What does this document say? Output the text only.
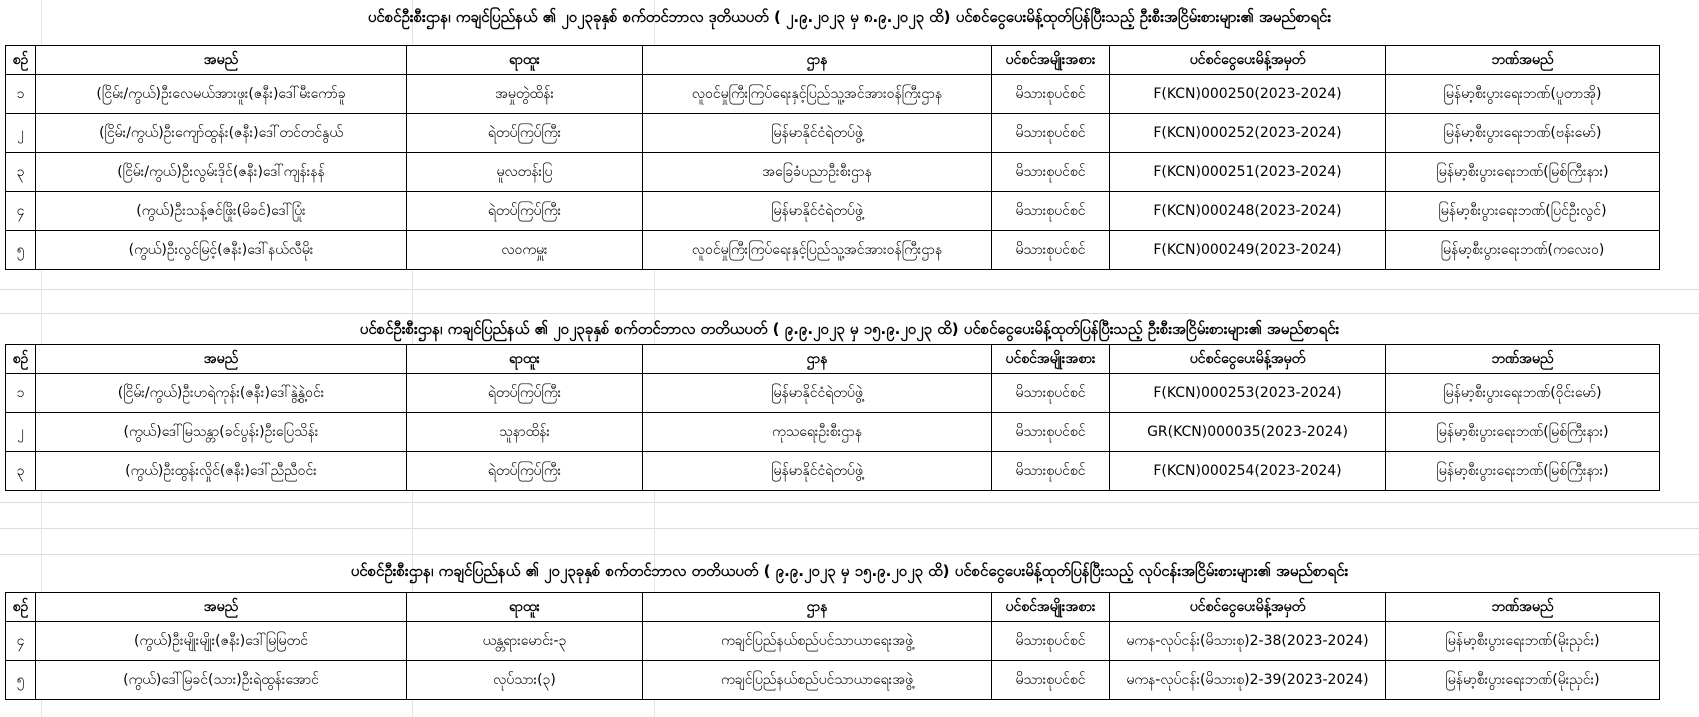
ပင်စင်ဦးစီးဌာန၊ ကချင်ပြည်နယ် ၏ ၂၀၂၃ခုနှစ် စက်တင်ဘာလ ဒုတိယပတ် ( ၂.၉.၂၀၂၃ မှ ၈.၉.၂၀၂၃ ထိ) ပင်စင်ငွေပေးမိန့်ထုတ်ပြန်ပြီးသည့် ဦးစီးအငြိမ်းစားများ၏ အမည်စာရင်း
စဉ်	အမည်	ရာထူး	ဌာန	ပင်စင်အမျိုးအစား	ပင်စင်ငွေပေးမိန့်အမှတ်	ဘဏ်အမည်
၁	(ငြိမ်း/ကွယ်)ဦးလေမယ်အားဖူး(ဇနီး)ဒေါ်မီးကော်ခူ	အမှုတွဲထိန်း	လူဝင်မှုကြီးကြပ်ရေးနှင့်ပြည်သူ့အင်အားဝန်ကြီးဌာန	မိသားစုပင်စင်	F(KCN)000250(2023-2024)	မြန်မာ့စီးပွားရေးဘဏ်(ပူတာအို)
၂	(ငြိမ်း/ကွယ်)ဦးကျော်ထွန်း(ဇနီး)ဒေါ်တင်တင်နွယ်	ရဲတပ်ကြပ်ကြီး	မြန်မာနိုင်ငံရဲတပ်ဖွဲ့	မိသားစုပင်စင်	F(KCN)000252(2023-2024)	မြန်မာ့စီးပွားရေးဘဏ်(ဗန်းမော်)
၃	(ငြိမ်း/ကွယ်)ဦးလွမ်းဒိုင်(ဇနီး)ဒေါ်ကျန်းနန်	မူလတန်းပြ	အခြေခံပညာဦးစီးဌာန	မိသားစုပင်စင်	F(KCN)000251(2023-2024)	မြန်မာ့စီးပွားရေးဘဏ်(မြစ်ကြီးနား)
၄	(ကွယ်)ဦးသန့်ဇင်ဖြိုး(မိခင်)ဒေါ်ပြုံး	ရဲတပ်ကြပ်ကြီး	မြန်မာနိုင်ငံရဲတပ်ဖွဲ့	မိသားစုပင်စင်	F(KCN)000248(2023-2024)	မြန်မာ့စီးပွားရေးဘဏ်(ပြင်ဦးလွင်)
၅	(ကွယ်)ဦးလွင်မြင့်(ဇနီး)ဒေါ်နယ်လီမိုး	လဝကမှူး	လူဝင်မှုကြီးကြပ်ရေးနှင့်ပြည်သူ့အင်အားဝန်ကြီးဌာန	မိသားစုပင်စင်	F(KCN)000249(2023-2024)	မြန်မာ့စီးပွားရေးဘဏ်(ကလေးဝ)
ပင်စင်ဦးစီးဌာန၊ ကချင်ပြည်နယ် ၏ ၂၀၂၃ခုနှစ် စက်တင်ဘာလ တတိယပတ် ( ၉.၉.၂၀၂၃ မှ ၁၅.၉.၂၀၂၃ ထိ) ပင်စင်ငွေပေးမိန့်ထုတ်ပြန်ပြီးသည့် ဦးစီးအငြိမ်းစားများ၏ အမည်စာရင်း
စဉ်	အမည်	ရာထူး	ဌာန	ပင်စင်အမျိုးအစား	ပင်စင်ငွေပေးမိန့်အမှတ်	ဘဏ်အမည်
၁	(ငြိမ်း/ကွယ်)ဦးဟရဲကုန်း(ဇနီး)ဒေါ်နွဲ့နွဲ့ဝင်း	ရဲတပ်ကြပ်ကြီး	မြန်မာနိုင်ငံရဲတပ်ဖွဲ့	မိသားစုပင်စင်	F(KCN)000253(2023-2024)	မြန်မာ့စီးပွားရေးဘဏ်(ဝိုင်းမော်)
၂	(ကွယ်)ဒေါ်မြသန္တာ(ခင်ပွန်း)ဦးပြေသိန်း	သူနာထိန်း	ကုသရေးဦးစီးဌာန	မိသားစုပင်စင်	GR(KCN)000035(2023-2024)	မြန်မာ့စီးပွားရေးဘဏ်(မြစ်ကြီးနား)
၃	(ကွယ်)ဦးထွန်းလှိုင်(ဇနီး)ဒေါ်ညီညီဝင်း	ရဲတပ်ကြပ်ကြီး	မြန်မာနိုင်ငံရဲတပ်ဖွဲ့	မိသားစုပင်စင်	F(KCN)000254(2023-2024)	မြန်မာ့စီးပွားရေးဘဏ်(မြစ်ကြီးနား)
ပင်စင်ဦးစီးဌာန၊ ကချင်ပြည်နယ် ၏ ၂၀၂၃ခုနှစ် စက်တင်ဘာလ တတိယပတ် ( ၉.၉.၂၀၂၃ မှ ၁၅.၉.၂၀၂၃ ထိ) ပင်စင်ငွေပေးမိန့်ထုတ်ပြန်ပြီးသည့် လုပ်ငန်းအငြိမ်းစားများ၏ အမည်စာရင်း
စဉ်	အမည်	ရာထူး	ဌာန	ပင်စင်အမျိုးအစား	ပင်စင်ငွေပေးမိန့်အမှတ်	ဘဏ်အမည်
၄	(ကွယ်)ဦးမျိုးမျိုး(ဇနီး)ဒေါ်မြမြတင်	ယန္တရားမောင်း-၃	ကချင်ပြည်နယ်စည်ပင်သာယာရေးအဖွဲ့	မိသားစုပင်စင်	မကန-လုပ်ငန်း(မိသားစု)2-38(2023-2024)	မြန်မာ့စီးပွားရေးဘဏ်(မိုးညှင်း)
၅	(ကွယ်)ဒေါ်မြခင်(သား)ဦးရဲထွန်းအောင်	လုပ်သား(၃)	ကချင်ပြည်နယ်စည်ပင်သာယာရေးအဖွဲ့	မိသားစုပင်စင်	မကန-လုပ်ငန်း(မိသားစု)2-39(2023-2024)	မြန်မာ့စီးပွားရေးဘဏ်(မိုးညှင်း)
